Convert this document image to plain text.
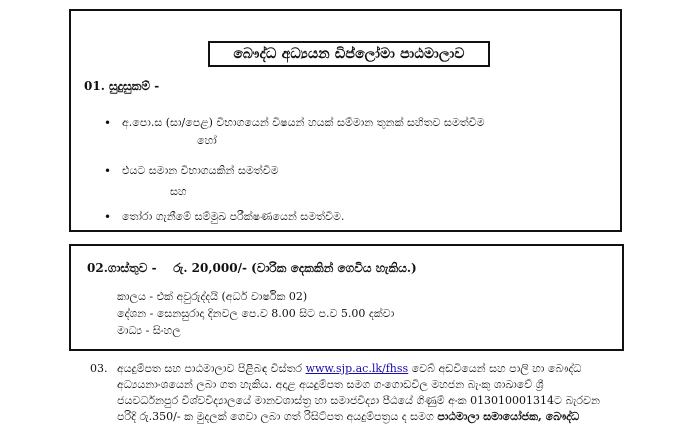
බෞද්ධ අධ්‍යයන ඩිප්ලෝමා පාඨමාලාව
01. සුදුසුකම් -
• අ.පො.ස (සා/පෙළ) විභාගයෙන් විෂයන් හයක් සම්මාන තුනක් සහිතව සමත්වීම
හෝ
• එයට සමාන විභාගයකින් සමත්වීම
සහ
• තෝරා ගැනීමේ සම්මුඛ පරීක්ෂණයෙන් සමත්වීම.
02.ගාස්තුව - රු. 20,000/- (වාරික දෙකකින් ගෙවිය හැකිය.)
කාලය - එක් අවුරුද්දයි (අර්ධ වාර්ෂික 02)
දේශන - සෙනසුරාදා දිනවල පෙ.ව 8.00 සිට ප.ව 5.00 දක්වා
මාධ්‍ය - සිංහල
03. අයදුම්පත සහ පාඨමාලාව පිළිබඳ විස්තර www.sjp.ac.lk/fhss වෙබ් අඩවියෙන් සහ පාලි හා බෞද්ධ
අධ්‍යයනාංශයෙන් ලබා ගත හැකිය. අදාළ අයදුම්පත සමග ගංගොඩවිල මහජන බැංකු ශාඛාවේ ශ්‍රී
ජයවර්ධනපුර විශ්වවිද්‍යාලයේ මානවශාස්ත්‍ර හා සමාජවිද්‍යා පීඨයේ ගිණුම් අංක 013010001314ට බැරවන
පරිදි රු.350/- ක මුදලක් ගෙවා ලබා ගත් රිසිට්පත අයදුම්පත්‍රය ද සමග පාඨමාලා සමායෝජක, බෞද්ධ
